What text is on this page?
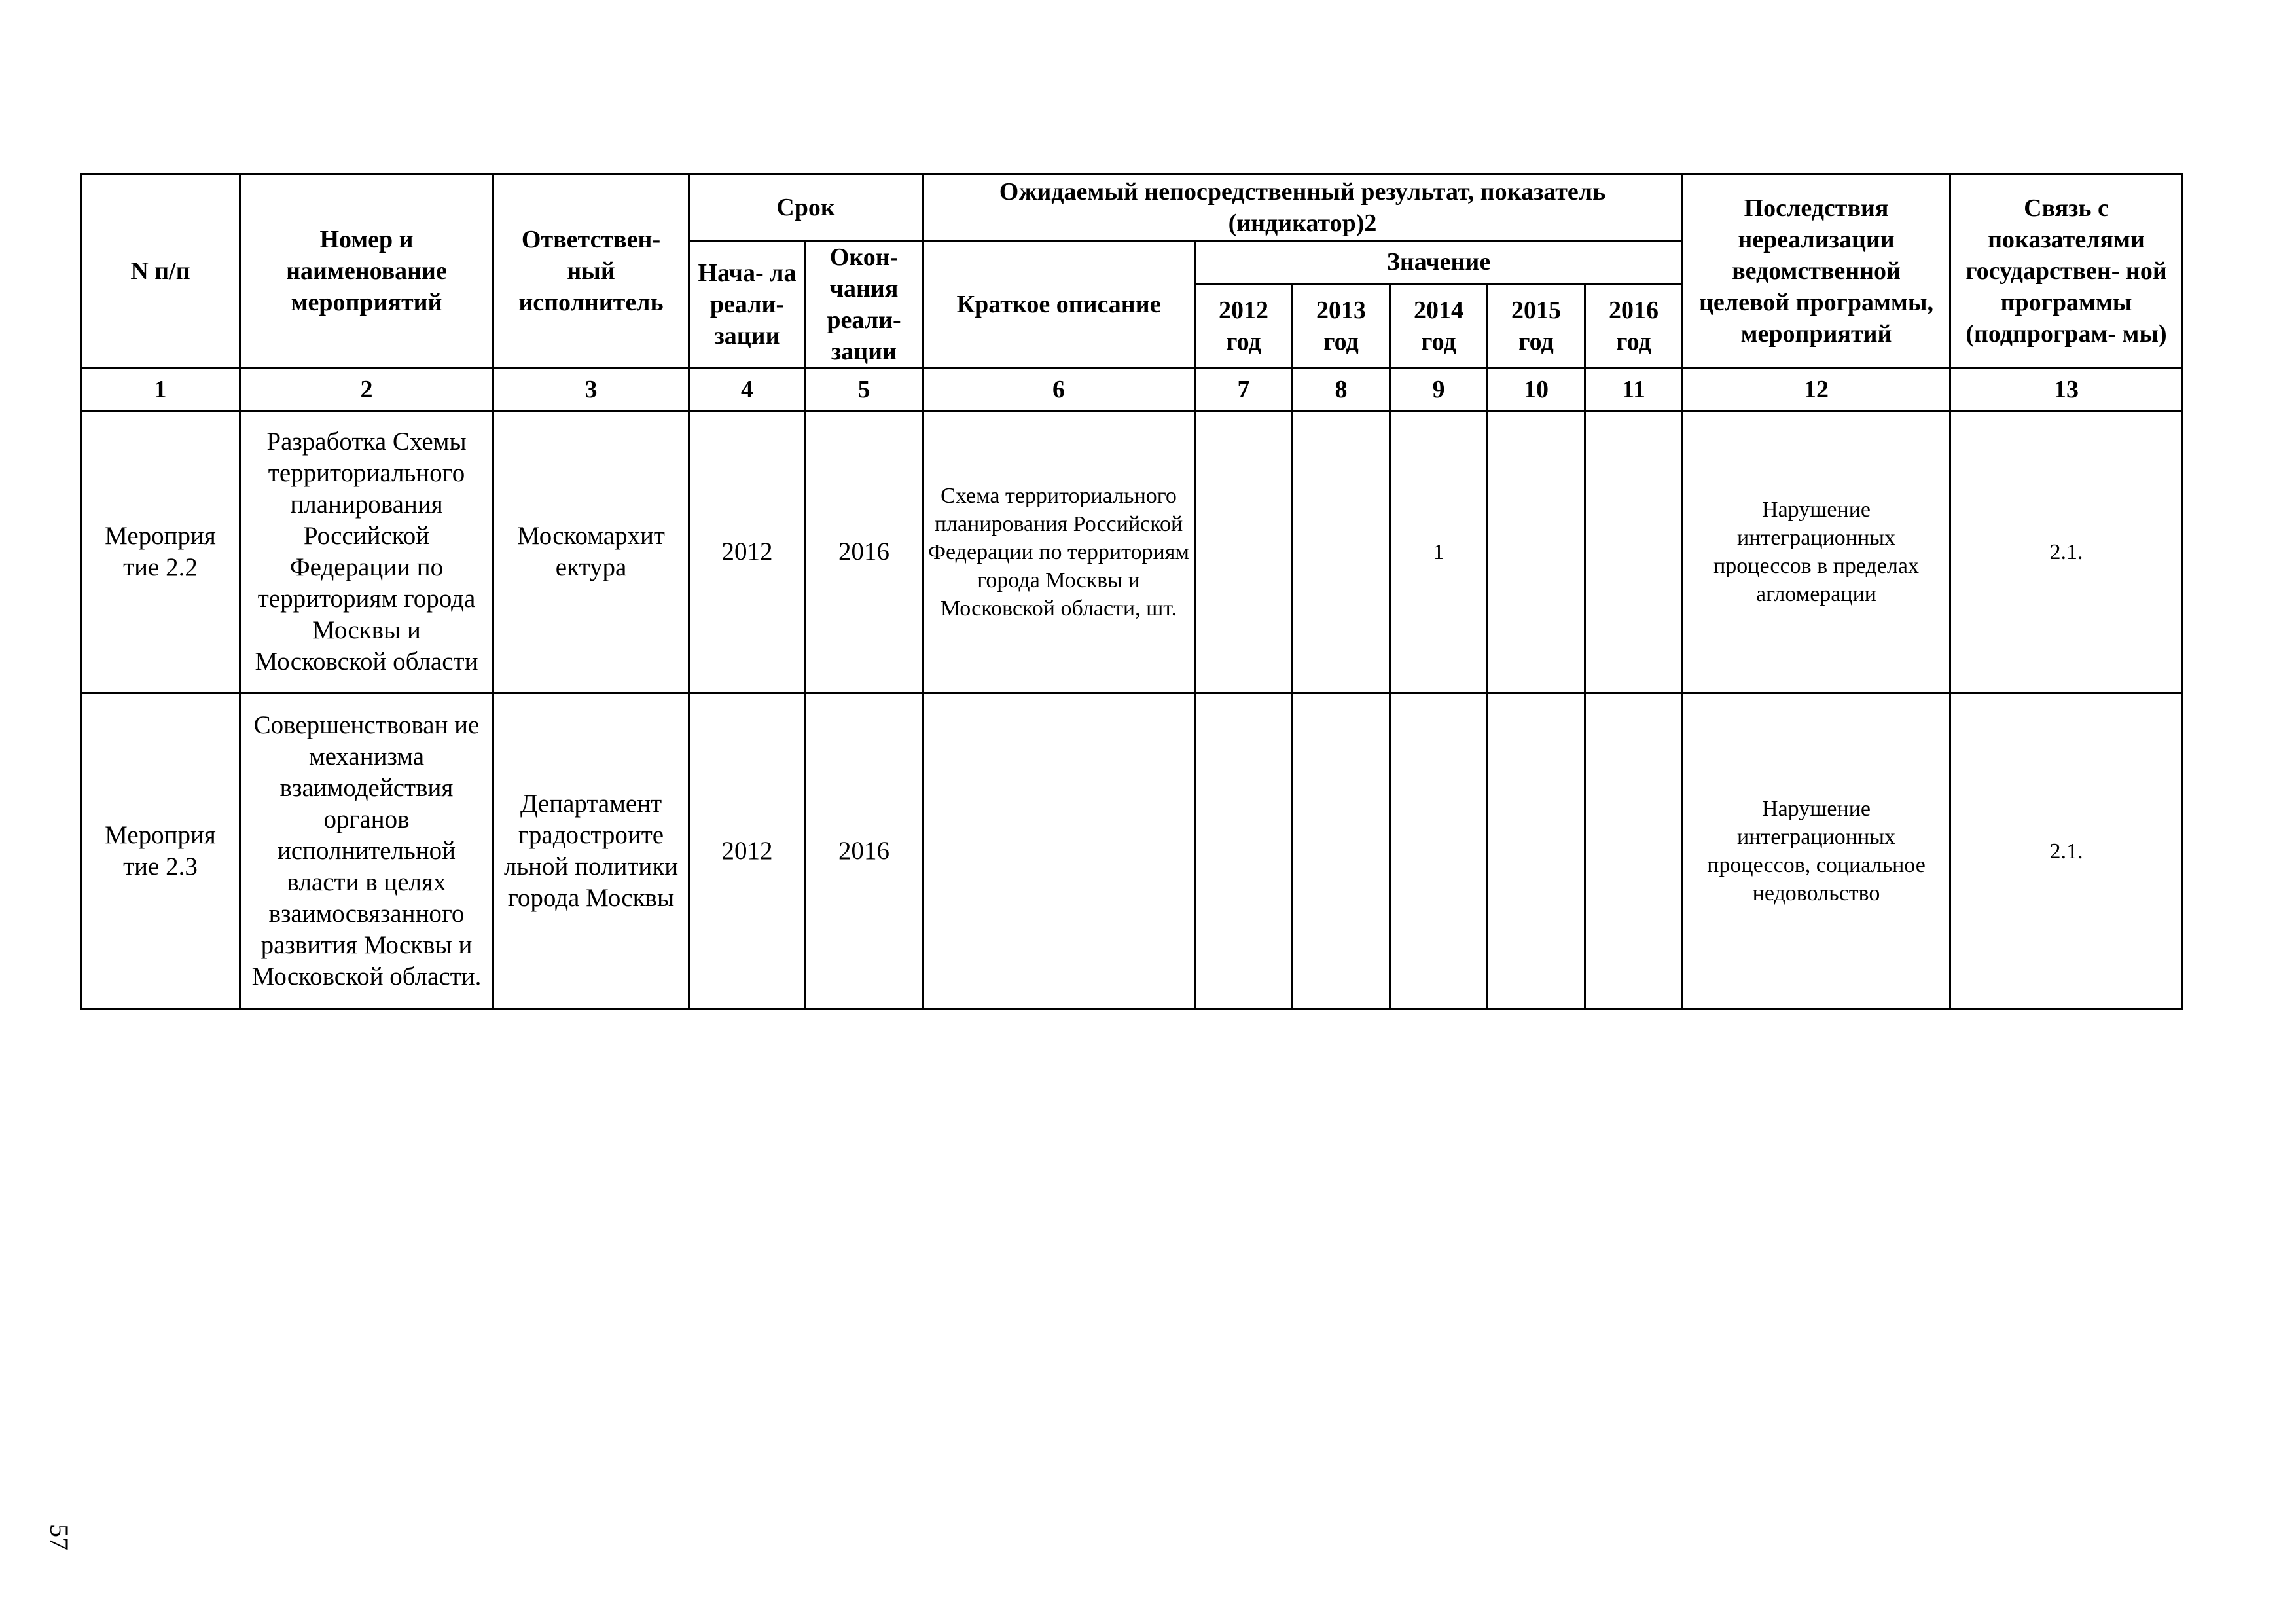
N п/п	Номер и наименование мероприятий	Ответствен- ный исполнитель	Срок		Ожидаемый непосредственный результат, показатель (индикатор)2						Последствия нереализации ведомственной целевой программы, мероприятий	Связь с показателями государствен- ной программы (подпрограм- мы)
			Нача- ла реали- зации	Окон- чания реали- зации	Краткое описание	Значение						
						2012 год	2013 год	2014 год	2015 год	2016 год		
1	2	3	4	5	6	7	8	9	10	11	12	13
Мероприя тие 2.2	Разработка Схемы территориального планирования Российской Федерации по территориям города Москвы и Московской области	Москомархит ектура	2012	2016	Схема территориального планирования Российской Федерации по территориям города Москвы и Московской области, шт.			1			Нарушение интеграционных процессов в пределах агломерации	2.1.
Мероприя тие 2.3	Совершенствован ие механизма взаимодействия органов исполнительной власти в целях взаимосвязанного развития Москвы и Московской области.	Департамент градостроите льной политики города Москвы	2012	2016							Нарушение интеграционных процессов, социальное недовольство	2.1.
57
